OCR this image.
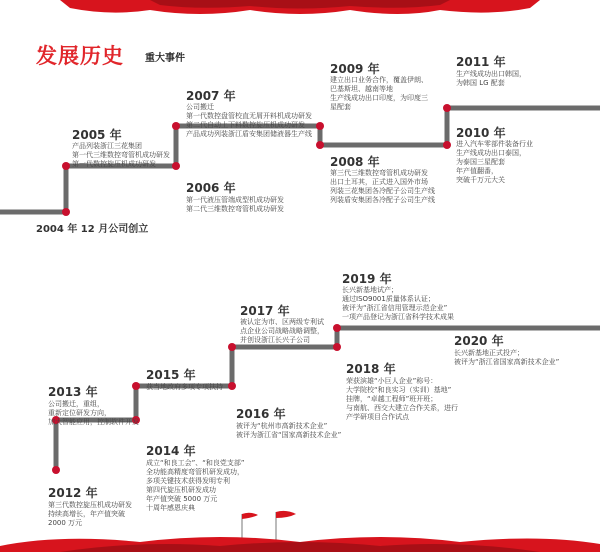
发展历史 重大事件
2004 年 12 月公司创立
2005 年
产品列装浙江三花集团
第一代三维数控弯管机成功研发
第一代数控旋压机成功研发
2006 年
第一代液压管端成型机成功研发
第二代三维数控弯管机成功研发
2007 年
公司搬迁
第一代数控盘管校直无屑开料机成功研发
第二代自动上下料数控旋压机成功研发
产品成功列装浙江盾安集团储液器生产线
2008 年
第三代三维数控弯管机成功研发
出口土耳其，正式进入国外市场
列装三花集团各冷配子公司生产线
列装盾安集团各冷配子公司生产线
2009 年
建立出口业务合作，覆盖伊朗、
巴基斯坦、越南等地
生产线成功出口印度，为印度三
星配套
2010 年
进入汽车零部件装备行业
生产线成功出口泰国，
为泰国三星配套
年产值翻番，
突破千万元大关
2011 年
生产线成功出口韩国，
为韩国 LG 配套
2012 年
第三代数控旋压机成功研发
持续高增长，年产值突破
2000 万元
2013 年
公司搬迁，重组，
重新定位研发方向，
加大智能应用，控制软件开发
2014 年
成立“和良工会”、“和良党支部”
全功能高精度弯管机研发成功，
多项关键技术获得发明专利
第四代旋压机研发成功
年产值突破 5000 万元
十周年感恩庆典
2015 年
获当地政府多项专项扶持
2016 年
被评为“杭州市高新技术企业”
被评为浙江省“国家高新技术企业”
2017 年
被认定为市、区两级专利试
点企业公司战略战略调整，
并创设浙江长兴子公司
2018 年
荣获滨雄“小巨人企业”称号：
大学院校“和良实习（实训）基地”
挂牌，“卓越工程师”班开班；
与南航、西交大建立合作关系，进行
产学研项目合作试点
2019 年
长兴新基地试产；
通过ISO9001质量体系认证；
被评为“浙江省信用管理示范企业”
一项产品登记为浙江省科学技术成果
2020 年
长兴新基地正式投产；
被评为“浙江省国家高新技术企业”
